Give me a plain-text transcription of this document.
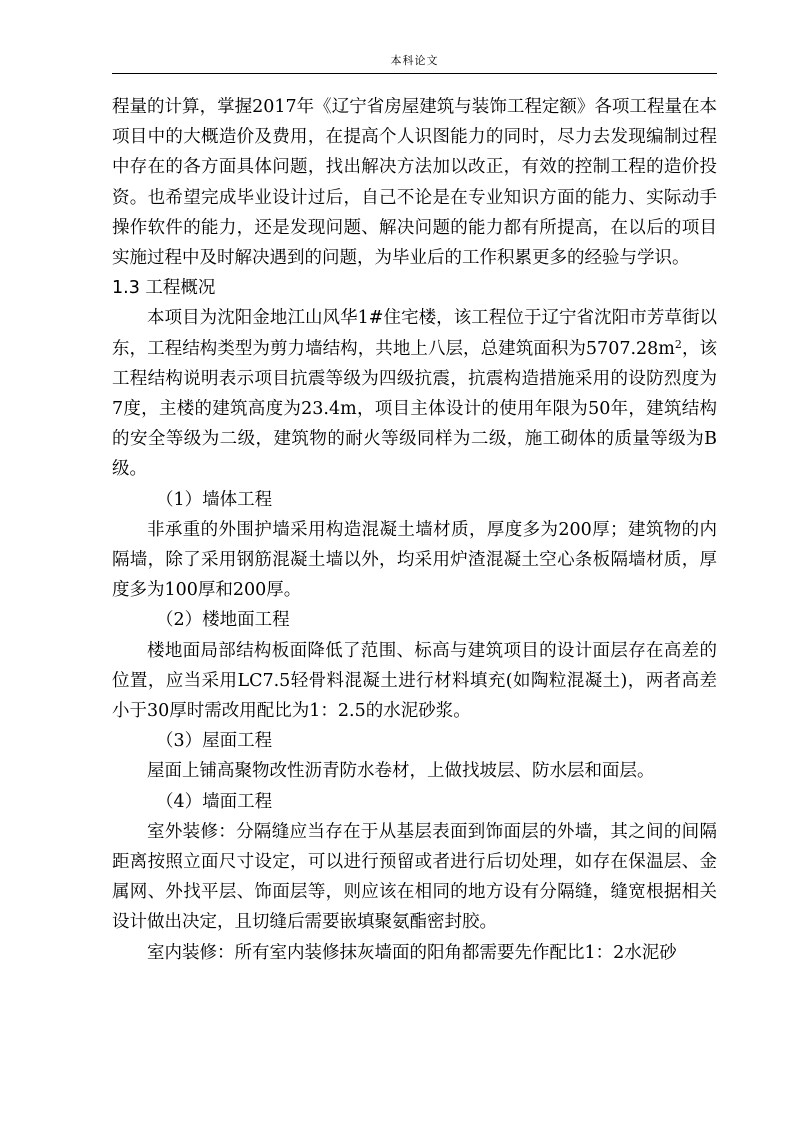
本科论文

程量的计算，掌握2017年《辽宁省房屋建筑与装饰工程定额》各项工程量在本项目中的大概造价及费用，在提高个人识图能力的同时，尽力去发现编制过程中存在的各方面具体问题，找出解决方法加以改正，有效的控制工程的造价投资。也希望完成毕业设计过后，自己不论是在专业知识方面的能力、实际动手操作软件的能力，还是发现问题、解决问题的能力都有所提高，在以后的项目实施过程中及时解决遇到的问题，为毕业后的工作积累更多的经验与学识。

1.3 工程概况

本项目为沈阳金地江山风华1#住宅楼，该工程位于辽宁省沈阳市芳草街以东，工程结构类型为剪力墙结构，共地上八层，总建筑面积为$5707.28m^2$，该工程结构说明表示项目抗震等级为四级抗震，抗震构造措施采用的设防烈度为7度，主楼的建筑高度为23.4m，项目主体设计的使用年限为50年，建筑结构的安全等级为二级，建筑物的耐火等级同样为二级，施工砌体的质量等级为B级。

（1）墙体工程

非承重的外围护墙采用构造混凝土墙材质，厚度多为200厚；建筑物的内隔墙，除了采用钢筋混凝土墙以外，均采用炉渣混凝土空心条板隔墙材质，厚度多为100厚和200厚。

（2）楼地面工程

楼地面局部结构板面降低了范围、标高与建筑项目的设计面层存在高差的位置，应当采用LC7.5轻骨料混凝土进行材料填充(如陶粒混凝土)，两者高差小于30厚时需改用配比为1：2.5的水泥砂浆。

（3）屋面工程

屋面上铺高聚物改性沥青防水卷材，上做找坡层、防水层和面层。

（4）墙面工程

室外装修：分隔缝应当存在于从基层表面到饰面层的外墙，其之间的间隔距离按照立面尺寸设定，可以进行预留或者进行后切处理，如存在保温层、金属网、外找平层、饰面层等，则应该在相同的地方设有分隔缝，缝宽根据相关设计做出决定，且切缝后需要嵌填聚氨酯密封胶。

室内装修：所有室内装修抹灰墙面的阳角都需要先作配比1：2水泥砂
